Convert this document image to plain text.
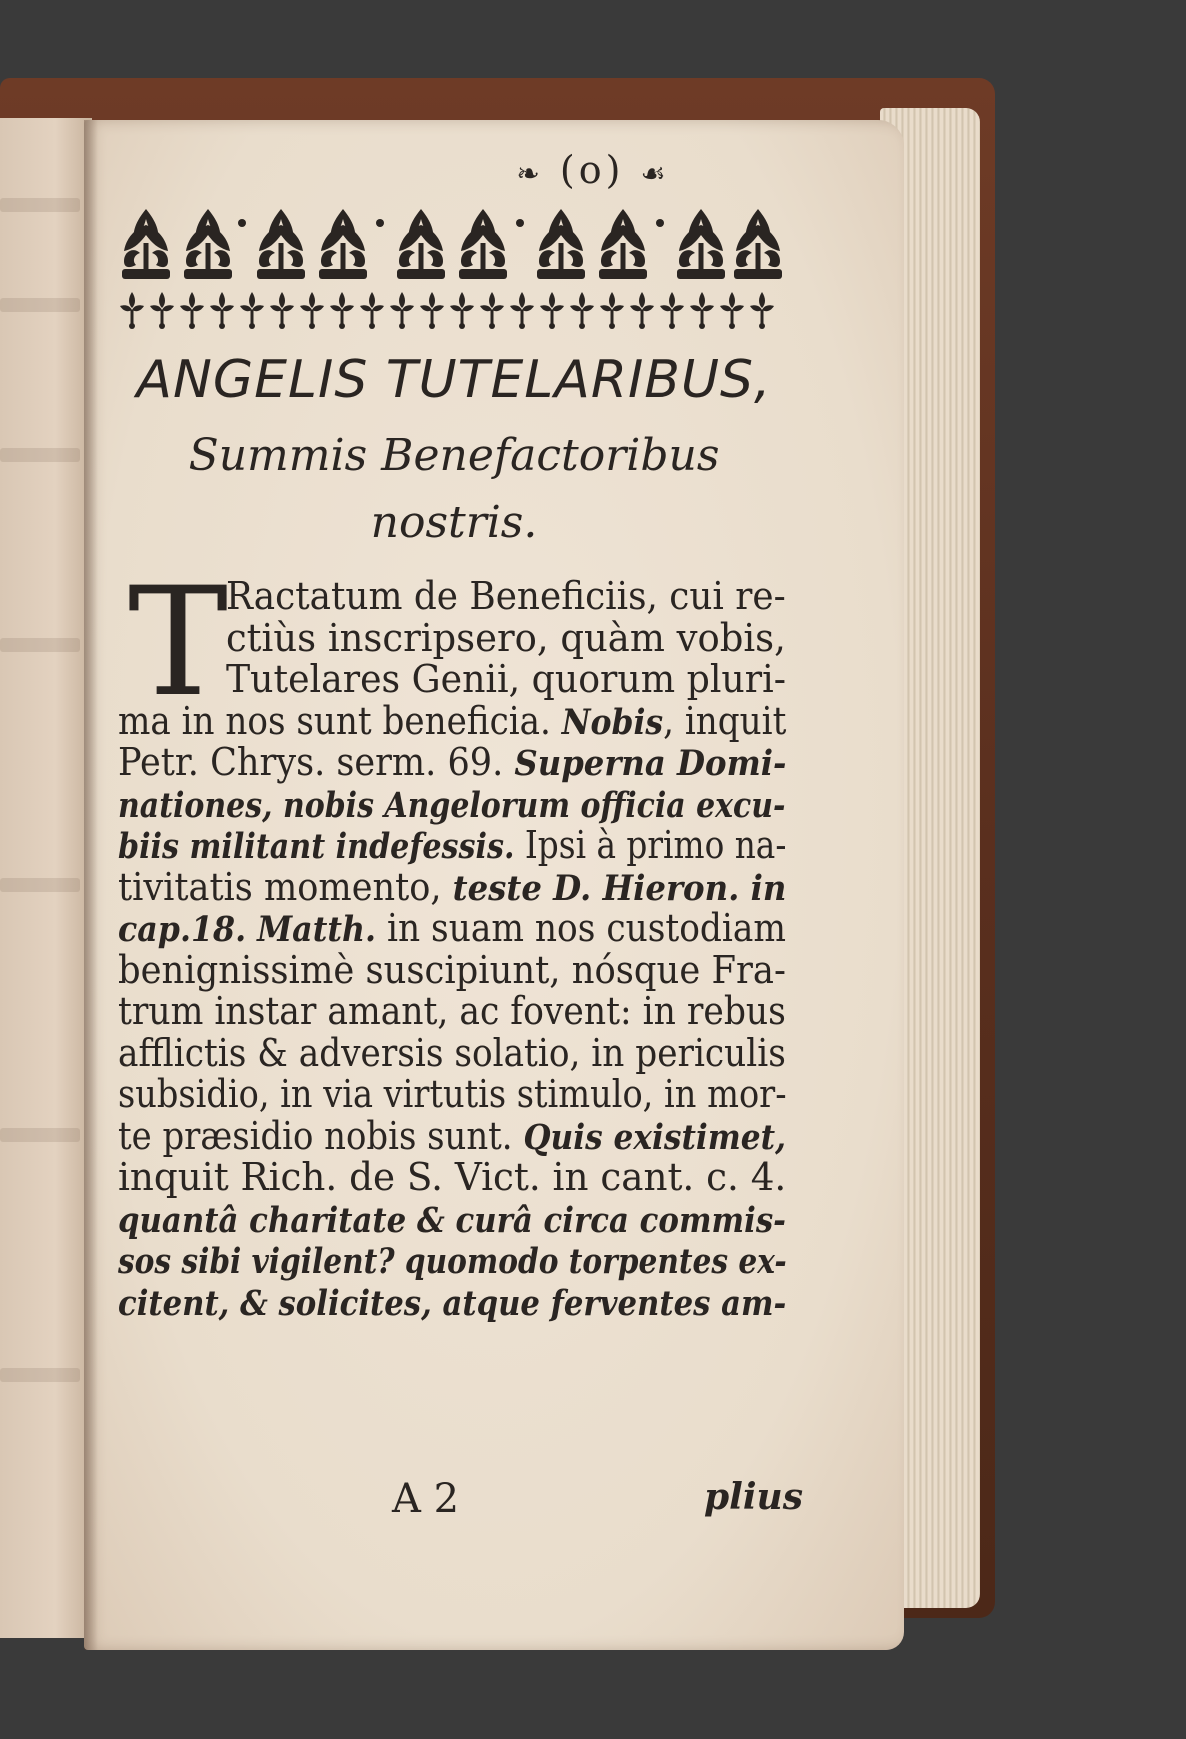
❧ (o) ☙
ANGELIS TUTELARIBUS,
Summis Benefactoribus
nostris.
T
Ractatum de Beneficiis, cui re-
ctiùs inscripsero, quàm vobis,
Tutelares Genii, quorum pluri-
ma in nos sunt beneficia. Nobis, inquit
Petr. Chrys. serm. 69. Superna Domi-
nationes, nobis Angelorum officia excu-
biis militant indefessis. Ipsi à primo na-
tivitatis momento, teste D. Hieron. in
cap.18. Matth. in suam nos custodiam
benignissimè suscipiunt, nósque Fra-
trum instar amant, ac fovent: in rebus
afflictis & adversis solatio, in periculis
subsidio, in via virtutis stimulo, in mor-
te præsidio nobis sunt. Quis existimet,
inquit Rich. de S. Vict. in cant. c. 4.
quantâ charitate & curâ circa commis-
sos sibi vigilent? quomodo torpentes ex-
citent, & solicites, atque ferventes am-
A 2	plius
